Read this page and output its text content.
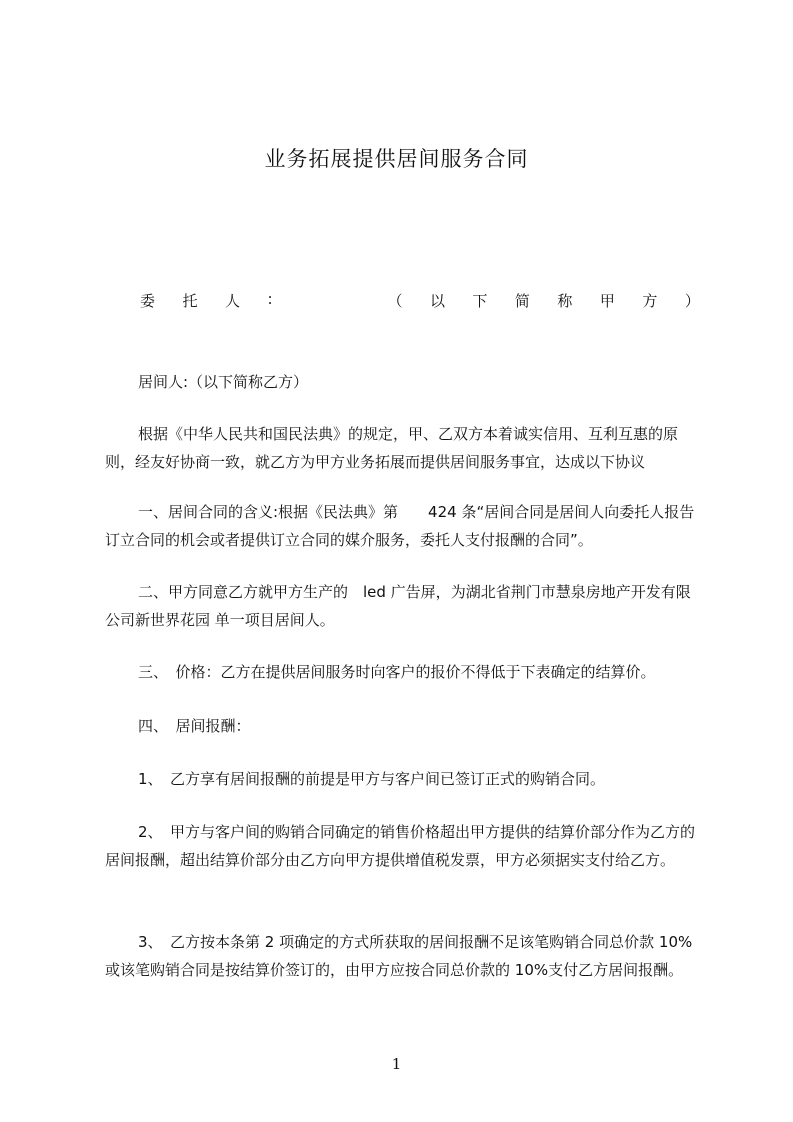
业务拓展提供居间服务合同
委 托 人 :	（ 以 下 简 称 甲 方 ）

居间人:（以下简称乙方）

根据《中华人民共和国民法典》的规定，甲、乙双方本着诚实信用、互利互惠的原则，经友好协商一致，就乙方为甲方业务拓展而提供居间服务事宜，达成以下协议

一、居间合同的含义:根据《民法典》第　　424 条“居间合同是居间人向委托人报告订立合同的机会或者提供订立合同的媒介服务，委托人支付报酬的合同”。

二、甲方同意乙方就甲方生产的　led 广告屏，为湖北省荆门市慧泉房地产开发有限公司新世界花园 单一项目居间人。

三、　价格：乙方在提供居间服务时向客户的报价不得低于下表确定的结算价。

四、　居间报酬：

1、　乙方享有居间报酬的前提是甲方与客户间已签订正式的购销合同。

2、　甲方与客户间的购销合同确定的销售价格超出甲方提供的结算价部分作为乙方的居间报酬，超出结算价部分由乙方向甲方提供增值税发票，甲方必须据实支付给乙方。

3、　乙方按本条第 2 项确定的方式所获取的居间报酬不足该笔购销合同总价款 10%或该笔购销合同是按结算价签订的，由甲方应按合同总价款的 10%支付乙方居间报酬。

1
